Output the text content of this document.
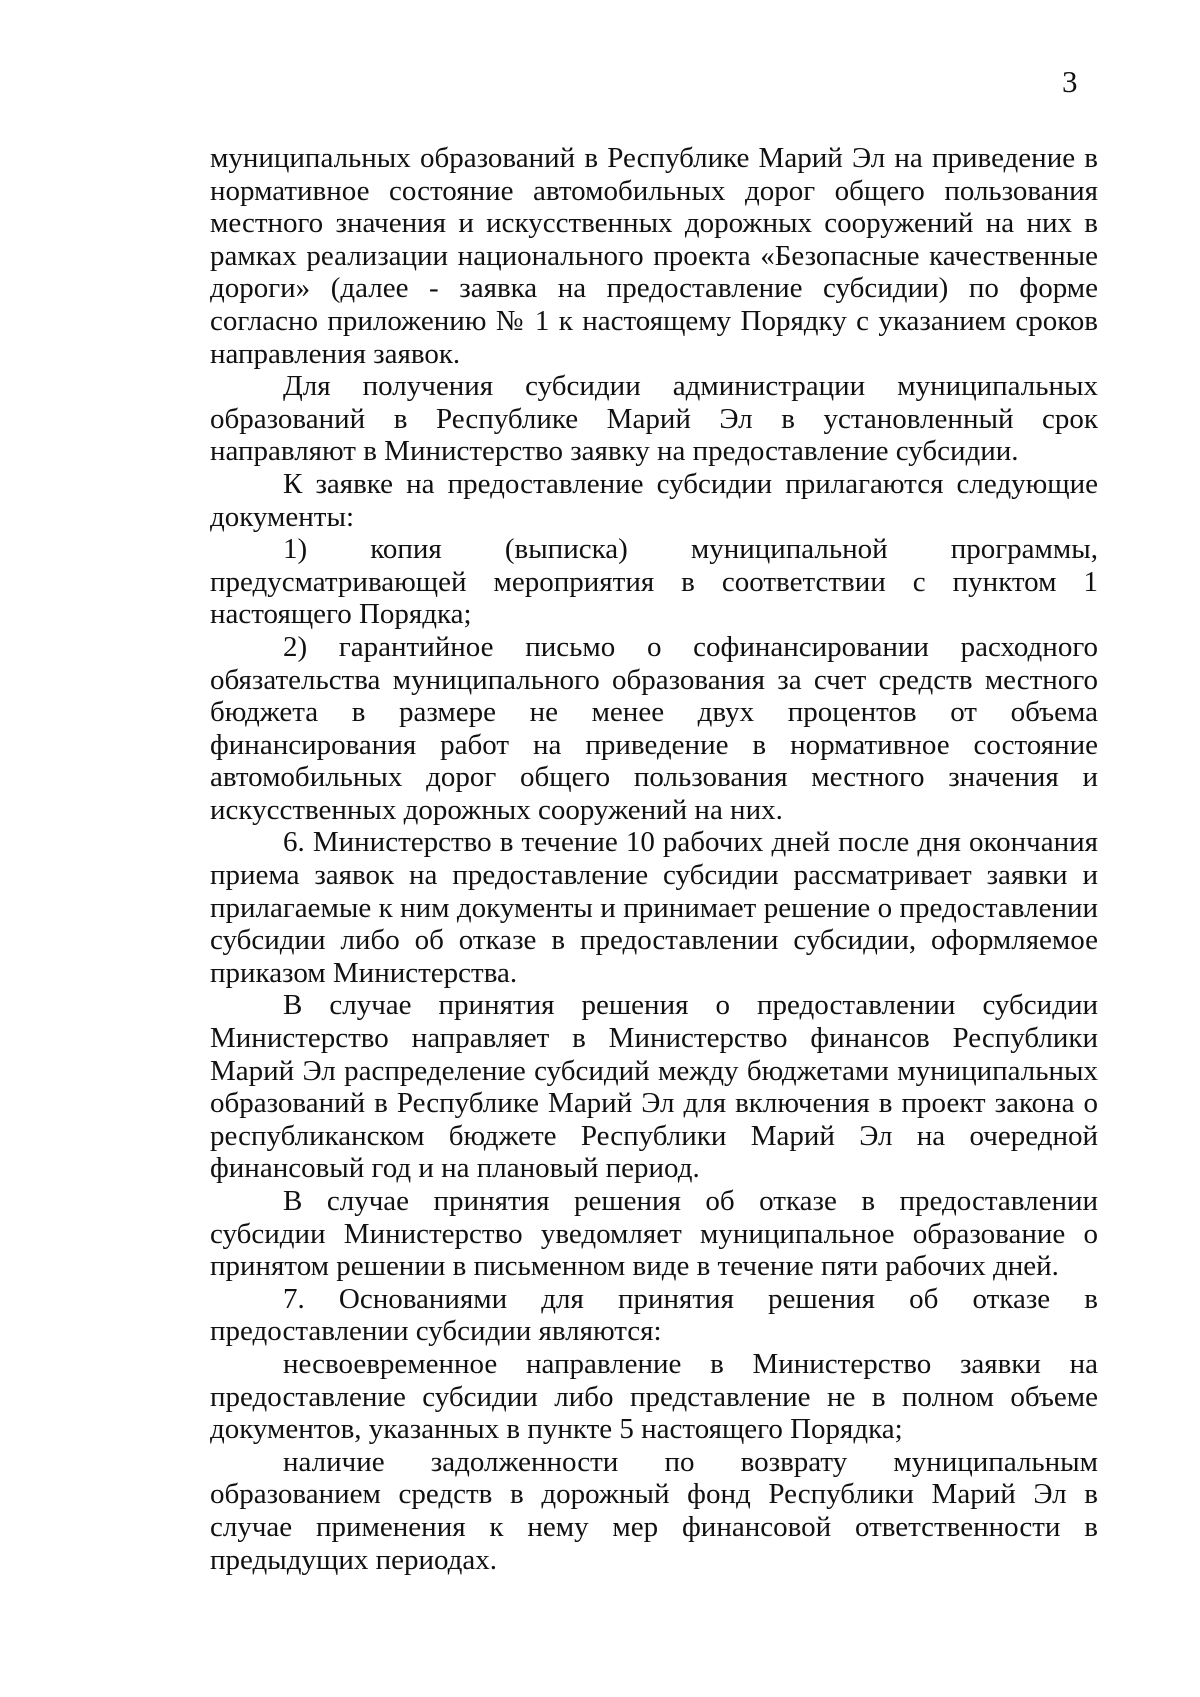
3

муниципальных образований в Республике Марий Эл на приведение в нормативное состояние автомобильных дорог общего пользования местного значения и искусственных дорожных сооружений на них в рамках реализации национального проекта «Безопасные качественные дороги» (далее - заявка на предоставление субсидии) по форме согласно приложению № 1 к настоящему Порядку с указанием сроков направления заявок.

Для получения субсидии администрации муниципальных образований в Республике Марий Эл в установленный срок направляют в Министерство заявку на предоставление субсидии.

К заявке на предоставление субсидии прилагаются следующие документы:

1) копия (выписка) муниципальной программы, предусматривающей мероприятия в соответствии с пунктом 1 настоящего Порядка;

2) гарантийное письмо о софинансировании расходного обязательства муниципального образования за счет средств местного бюджета в размере не менее двух процентов от объема финансирования работ на приведение в нормативное состояние автомобильных дорог общего пользования местного значения и искусственных дорожных сооружений на них.

6. Министерство в течение 10 рабочих дней после дня окончания приема заявок на предоставление субсидии рассматривает заявки и прилагаемые к ним документы и принимает решение о предоставлении субсидии либо об отказе в предоставлении субсидии, оформляемое приказом Министерства.

В случае принятия решения о предоставлении субсидии Министерство направляет в Министерство финансов Республики Марий Эл распределение субсидий между бюджетами муниципальных образований в Республике Марий Эл для включения в проект закона о республиканском бюджете Республики Марий Эл на очередной финансовый год и на плановый период.

В случае принятия решения об отказе в предоставлении субсидии Министерство уведомляет муниципальное образование о принятом решении в письменном виде в течение пяти рабочих дней.

7. Основаниями для принятия решения об отказе в предоставлении субсидии являются:

несвоевременное направление в Министерство заявки на предоставление субсидии либо представление не в полном объеме документов, указанных в пункте 5 настоящего Порядка;

наличие задолженности по возврату муниципальным образованием средств в дорожный фонд Республики Марий Эл в случае применения к нему мер финансовой ответственности в предыдущих периодах.
